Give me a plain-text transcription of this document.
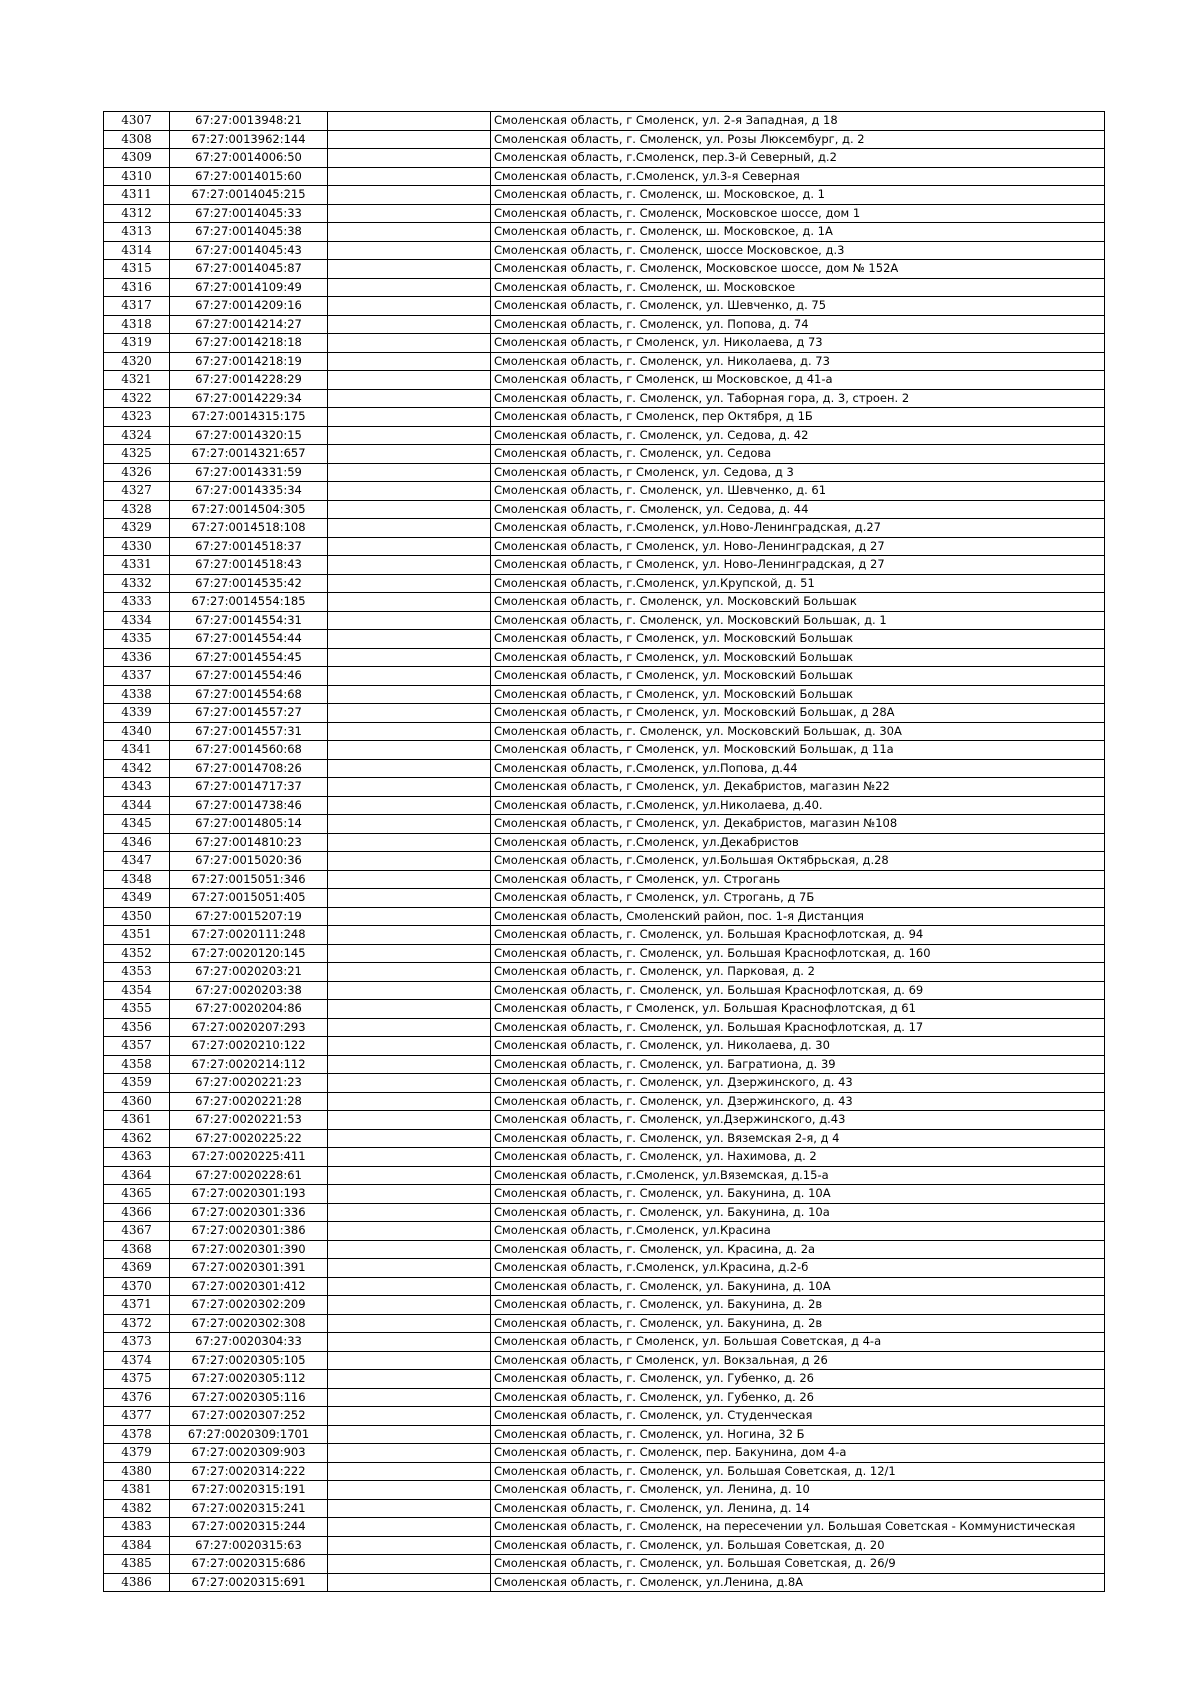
4307	67:27:0013948:21		Смоленская область, г Смоленск, ул. 2-я Западная, д 18
4308	67:27:0013962:144		Смоленская область, г. Смоленск, ул. Розы Люксембург, д. 2
4309	67:27:0014006:50		Смоленская область, г.Смоленск, пер.3-й Северный, д.2
4310	67:27:0014015:60		Смоленская область, г.Смоленск, ул.3-я Северная
4311	67:27:0014045:215		Смоленская область, г. Смоленск, ш. Московское, д. 1
4312	67:27:0014045:33		Смоленская область, г. Смоленск, Московское шоссе, дом 1
4313	67:27:0014045:38		Смоленская область, г. Смоленск, ш. Московское, д. 1А
4314	67:27:0014045:43		Смоленская область, г. Смоленск, шоссе Московское, д.3
4315	67:27:0014045:87		Смоленская область, г. Смоленск, Московское шоссе, дом № 152А
4316	67:27:0014109:49		Смоленская область, г. Смоленск, ш. Московское
4317	67:27:0014209:16		Смоленская область, г. Смоленск, ул. Шевченко, д. 75
4318	67:27:0014214:27		Смоленская область, г. Смоленск, ул. Попова, д. 74
4319	67:27:0014218:18		Смоленская область, г Смоленск, ул. Николаева, д 73
4320	67:27:0014218:19		Смоленская область, г. Смоленск, ул. Николаева, д. 73
4321	67:27:0014228:29		Смоленская область, г Смоленск, ш Московское, д 41-а
4322	67:27:0014229:34		Смоленская область, г. Смоленск, ул. Таборная гора, д. 3, строен. 2
4323	67:27:0014315:175		Смоленская область, г Смоленск, пер Октября, д 1Б
4324	67:27:0014320:15		Смоленская область, г. Смоленск, ул. Седова, д. 42
4325	67:27:0014321:657		Смоленская область, г. Смоленск, ул. Седова
4326	67:27:0014331:59		Смоленская область, г Смоленск, ул. Седова, д 3
4327	67:27:0014335:34		Смоленская область, г. Смоленск, ул. Шевченко, д. 61
4328	67:27:0014504:305		Смоленская область, г. Смоленск, ул. Седова, д. 44
4329	67:27:0014518:108		Смоленская область, г.Смоленск, ул.Ново-Ленинградская, д.27
4330	67:27:0014518:37		Смоленская область, г Смоленск, ул. Ново-Ленинградская, д 27
4331	67:27:0014518:43		Смоленская область, г Смоленск, ул. Ново-Ленинградская, д 27
4332	67:27:0014535:42		Смоленская область, г.Смоленск, ул.Крупской, д. 51
4333	67:27:0014554:185		Смоленская область, г. Смоленск, ул. Московский Большак
4334	67:27:0014554:31		Смоленская область, г. Смоленск, ул. Московский Большак, д. 1
4335	67:27:0014554:44		Смоленская область, г Смоленск, ул. Московский Большак
4336	67:27:0014554:45		Смоленская область, г Смоленск, ул. Московский Большак
4337	67:27:0014554:46		Смоленская область, г Смоленск, ул. Московский Большак
4338	67:27:0014554:68		Смоленская область, г Смоленск, ул. Московский Большак
4339	67:27:0014557:27		Смоленская область, г Смоленск, ул. Московский Большак, д 28А
4340	67:27:0014557:31		Смоленская область, г. Смоленск, ул. Московский Большак, д. 30А
4341	67:27:0014560:68		Смоленская область, г Смоленск, ул. Московский Большак, д 11а
4342	67:27:0014708:26		Смоленская область, г.Смоленск, ул.Попова, д.44
4343	67:27:0014717:37		Смоленская область, г Смоленск, ул. Декабристов, магазин №22
4344	67:27:0014738:46		Смоленская область, г.Смоленск, ул.Николаева, д.40.
4345	67:27:0014805:14		Смоленская область, г Смоленск, ул. Декабристов, магазин №108
4346	67:27:0014810:23		Смоленская область, г.Смоленск, ул.Декабристов
4347	67:27:0015020:36		Смоленская область, г.Смоленск, ул.Большая Октябрьская, д.28
4348	67:27:0015051:346		Смоленская область, г Смоленск, ул. Строгань
4349	67:27:0015051:405		Смоленская область, г Смоленск, ул. Строгань, д 7Б
4350	67:27:0015207:19		Смоленская область, Смоленский район, пос. 1-я Дистанция
4351	67:27:0020111:248		Смоленская область, г. Смоленск, ул. Большая Краснофлотская, д. 94
4352	67:27:0020120:145		Смоленская область, г. Смоленск, ул. Большая Краснофлотская, д. 160
4353	67:27:0020203:21		Смоленская область, г. Смоленск, ул. Парковая, д. 2
4354	67:27:0020203:38		Смоленская область, г. Смоленск, ул. Большая Краснофлотская, д. 69
4355	67:27:0020204:86		Смоленская область, г Смоленск, ул. Большая Краснофлотская, д 61
4356	67:27:0020207:293		Смоленская область, г. Смоленск, ул. Большая Краснофлотская, д. 17
4357	67:27:0020210:122		Смоленская область, г. Смоленск, ул. Николаева, д. 30
4358	67:27:0020214:112		Смоленская область, г. Смоленск, ул. Багратиона, д. 39
4359	67:27:0020221:23		Смоленская область, г. Смоленск, ул. Дзержинского, д. 43
4360	67:27:0020221:28		Смоленская область, г. Смоленск, ул. Дзержинского, д. 43
4361	67:27:0020221:53		Смоленская область, г. Смоленск, ул.Дзержинского, д.43
4362	67:27:0020225:22		Смоленская область, г. Смоленск, ул. Вяземская 2-я, д 4
4363	67:27:0020225:411		Смоленская область, г. Смоленск, ул. Нахимова, д. 2
4364	67:27:0020228:61		Смоленская область, г.Смоленск, ул.Вяземская, д.15-а
4365	67:27:0020301:193		Смоленская область, г. Смоленск, ул. Бакунина, д. 10А
4366	67:27:0020301:336		Смоленская область, г. Смоленск, ул. Бакунина, д. 10а
4367	67:27:0020301:386		Смоленская область, г.Смоленск, ул.Красина
4368	67:27:0020301:390		Смоленская область, г. Смоленск, ул. Красина, д. 2а
4369	67:27:0020301:391		Смоленская область, г.Смоленск, ул.Красина, д.2-б
4370	67:27:0020301:412		Смоленская область, г. Смоленск, ул. Бакунина, д. 10А
4371	67:27:0020302:209		Смоленская область, г. Смоленск, ул. Бакунина, д. 2в
4372	67:27:0020302:308		Смоленская область, г. Смоленск, ул. Бакунина, д. 2в
4373	67:27:0020304:33		Смоленская область, г Смоленск, ул. Большая Советская, д 4-а
4374	67:27:0020305:105		Смоленская область, г Смоленск, ул. Вокзальная, д 26
4375	67:27:0020305:112		Смоленская область, г. Смоленск, ул. Губенко, д. 26
4376	67:27:0020305:116		Смоленская область, г. Смоленск, ул. Губенко, д. 26
4377	67:27:0020307:252		Смоленская область, г. Смоленск, ул. Студенческая
4378	67:27:0020309:1701		Смоленская область, г. Смоленск, ул. Ногина, 32 Б
4379	67:27:0020309:903		Смоленская область, г. Смоленск, пер. Бакунина, дом 4-а
4380	67:27:0020314:222		Смоленская область, г. Смоленск, ул. Большая Советская, д. 12/1
4381	67:27:0020315:191		Смоленская область, г. Смоленск, ул. Ленина, д. 10
4382	67:27:0020315:241		Смоленская область, г. Смоленск, ул. Ленина, д. 14
4383	67:27:0020315:244		Смоленская область, г. Смоленск, на пересечении ул. Большая Советская - Коммунистическая
4384	67:27:0020315:63		Смоленская область, г. Смоленск, ул. Большая Советская, д. 20
4385	67:27:0020315:686		Смоленская область, г. Смоленск, ул. Большая Советская, д. 26/9
4386	67:27:0020315:691		Смоленская область, г. Смоленск, ул.Ленина, д.8А
